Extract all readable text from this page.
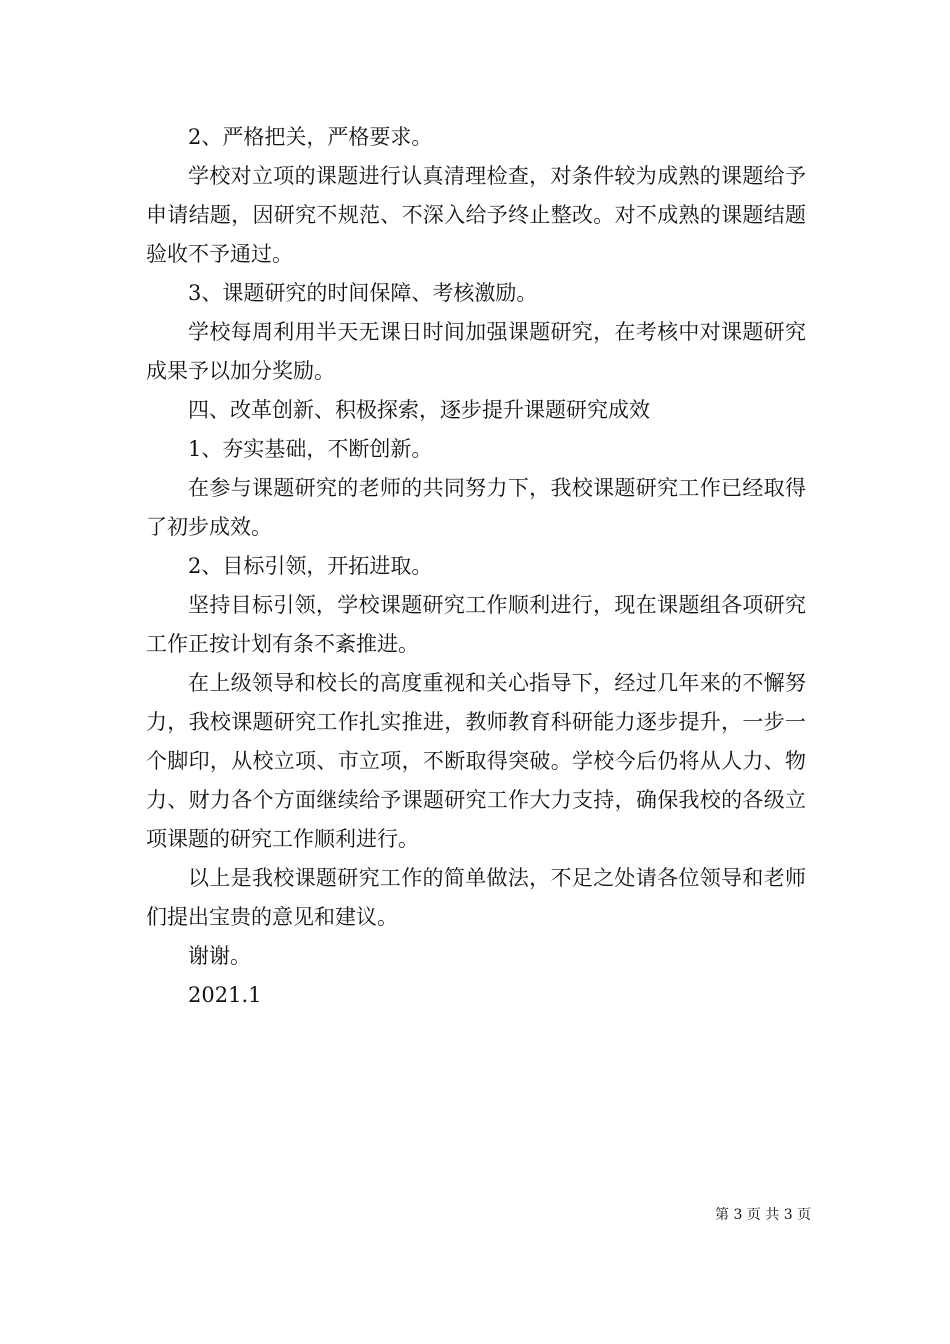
2、严格把关，严格要求。

学校对立项的课题进行认真清理检查，对条件较为成熟的课题给予申请结题，因研究不规范、不深入给予终止整改。对不成熟的课题结题验收不予通过。

3、课题研究的时间保障、考核激励。

学校每周利用半天无课日时间加强课题研究，在考核中对课题研究成果予以加分奖励。

四、改革创新、积极探索，逐步提升课题研究成效

1、夯实基础，不断创新。

在参与课题研究的老师的共同努力下，我校课题研究工作已经取得了初步成效。

2、目标引领，开拓进取。

坚持目标引领，学校课题研究工作顺利进行，现在课题组各项研究工作正按计划有条不紊推进。

在上级领导和校长的高度重视和关心指导下，经过几年来的不懈努力，我校课题研究工作扎实推进，教师教育科研能力逐步提升，一步一个脚印，从校立项、市立项，不断取得突破。学校今后仍将从人力、物力、财力各个方面继续给予课题研究工作大力支持，确保我校的各级立项课题的研究工作顺利进行。

以上是我校课题研究工作的简单做法，不足之处请各位领导和老师们提出宝贵的意见和建议。

谢谢。

2021.1

第 3 页 共 3 页
